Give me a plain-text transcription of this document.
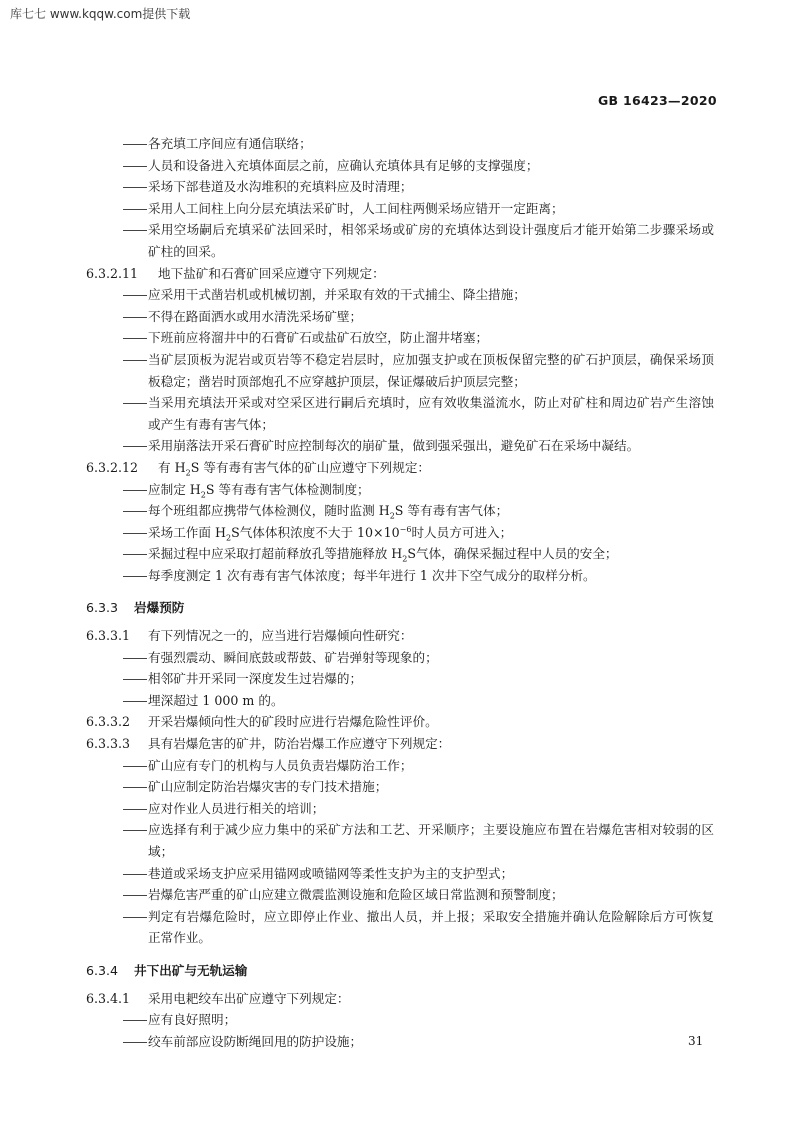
库七七 www.kqqw.com提供下载
GB 16423—2020
各充填工序间应有通信联络；
人员和设备进入充填体面层之前，应确认充填体具有足够的支撑强度；
采场下部巷道及水沟堆积的充填料应及时清理；
采用人工间柱上向分层充填法采矿时，人工间柱两侧采场应错开一定距离；
采用空场嗣后充填采矿法回采时，相邻采场或矿房的充填体达到设计强度后才能开始第二步骤采场或矿柱的回采。
6.3.2.11 地下盐矿和石膏矿回采应遵守下列规定：
应采用干式凿岩机或机械切割，并采取有效的干式捕尘、降尘措施；
不得在路面洒水或用水清洗采场矿壁；
下班前应将溜井中的石膏矿石或盐矿石放空，防止溜井堵塞；
当矿层顶板为泥岩或页岩等不稳定岩层时，应加强支护或在顶板保留完整的矿石护顶层，确保采场顶板稳定；凿岩时顶部炮孔不应穿越护顶层，保证爆破后护顶层完整；
当采用充填法开采或对空采区进行嗣后充填时，应有效收集溢流水，防止对矿柱和周边矿岩产生溶蚀或产生有毒有害气体；
采用崩落法开采石膏矿时应控制每次的崩矿量，做到强采强出，避免矿石在采场中凝结。
6.3.2.12 有 $H_2S$ 等有毒有害气体的矿山应遵守下列规定：
应制定 $H_2S$ 等有毒有害气体检测制度；
每个班组都应携带气体检测仪，随时监测 $H_2S$ 等有毒有害气体；
采场工作面 $H_2S$气体体积浓度不大于 $10\times 10^{-6}$时人员方可进入；
采掘过程中应采取打超前释放孔等措施释放 $H_2S$气体，确保采掘过程中人员的安全；
每季度测定 1 次有毒有害气体浓度；每半年进行 1 次井下空气成分的取样分析。
6.3.3 岩爆预防
6.3.3.1 有下列情况之一的，应当进行岩爆倾向性研究：
有强烈震动、瞬间底鼓或帮鼓、矿岩弹射等现象的；
相邻矿井开采同一深度发生过岩爆的；
埋深超过 1 000 m 的。
6.3.3.2 开采岩爆倾向性大的矿段时应进行岩爆危险性评价。
6.3.3.3 具有岩爆危害的矿井，防治岩爆工作应遵守下列规定：
矿山应有专门的机构与人员负责岩爆防治工作；
矿山应制定防治岩爆灾害的专门技术措施；
应对作业人员进行相关的培训；
应选择有利于减少应力集中的采矿方法和工艺、开采顺序；主要设施应布置在岩爆危害相对较弱的区域；
巷道或采场支护应采用锚网或喷锚网等柔性支护为主的支护型式；
岩爆危害严重的矿山应建立微震监测设施和危险区域日常监测和预警制度；
判定有岩爆危险时，应立即停止作业、撤出人员，并上报；采取安全措施并确认危险解除后方可恢复正常作业。
6.3.4 井下出矿与无轨运输
6.3.4.1 采用电耙绞车出矿应遵守下列规定：
应有良好照明；
绞车前部应设防断绳回甩的防护设施；	31
